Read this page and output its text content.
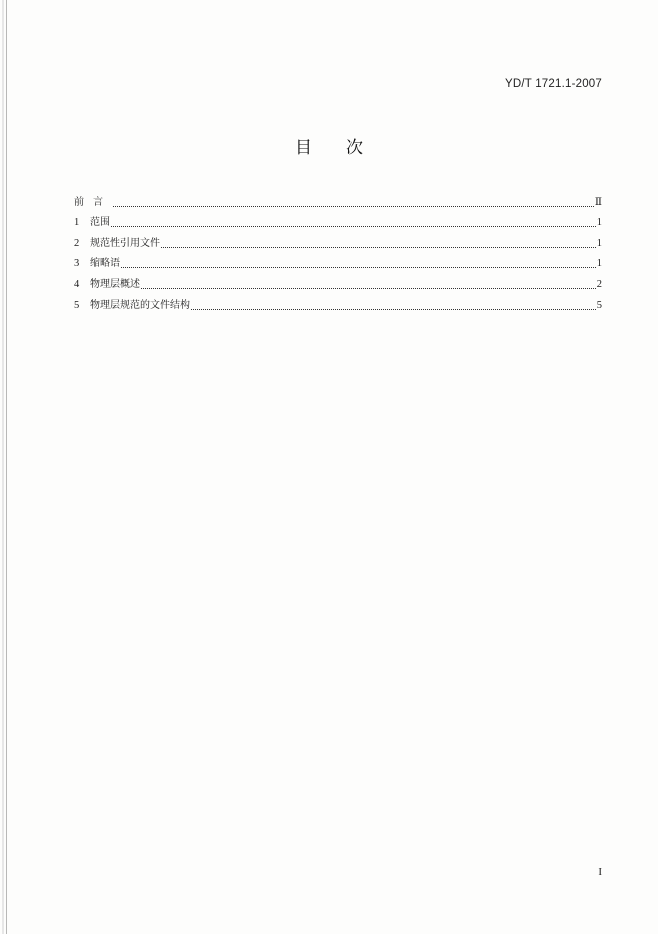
YD/T 1721.1-2007
目 次
前言	Ⅱ
1	范围	1
2	规范性引用文件	1
3	缩略语	1
4	物理层概述	2
5	物理层规范的文件结构	5
I
